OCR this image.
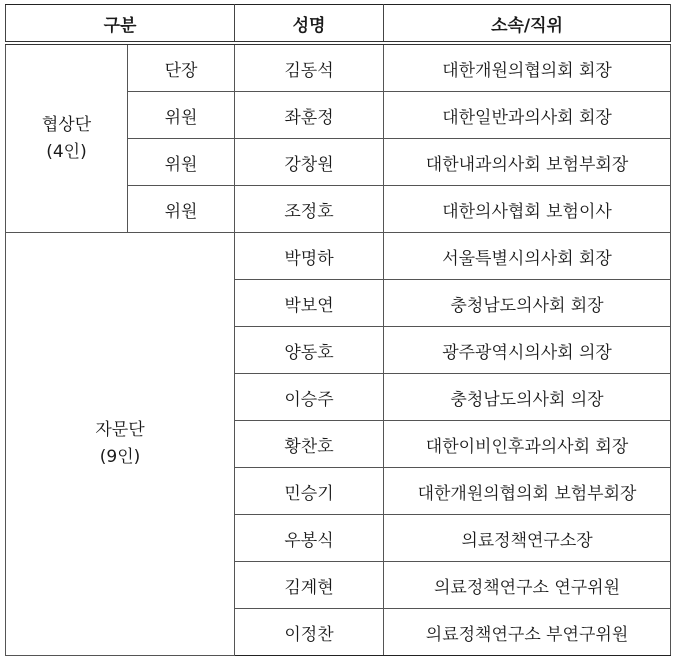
구분		성명	소속/직위

협상단
(4인)	단장	김동석	대한개원의협의회 회장
	위원	좌훈정	대한일반과의사회 회장
	위원	강창원	대한내과의사회 보험부회장
	위원	조정호	대한의사협회 보험이사

자문단
(9인)		박명하	서울특별시의사회 회장
		박보연	충청남도의사회 회장
		양동호	광주광역시의사회 의장
		이승주	충청남도의사회 의장
		황찬호	대한이비인후과의사회 회장
		민승기	대한개원의협의회 보험부회장
		우봉식	의료정책연구소장
		김계현	의료정책연구소 연구위원
		이정찬	의료정책연구소 부연구위원
